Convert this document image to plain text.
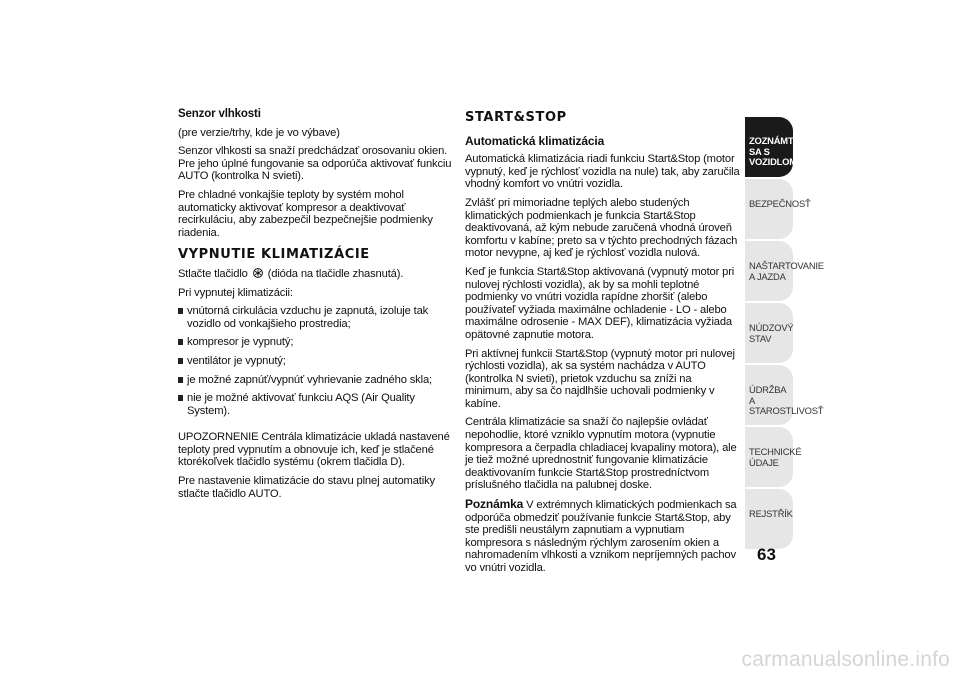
Senzor vlhkosti

(pre verzie/trhy, kde je vo výbave)

Senzor vlhkosti sa snaží predchádzať orosovaniu okien. Pre jeho úplné fungovanie sa odporúča aktivovať funkciu AUTO (kontrolka N svieti).

Pre chladné vonkajšie teploty by systém mohol automaticky aktivovať kompresor a deaktivovať recirkuláciu, aby zabezpečil bezpečnejšie podmienky riadenia.

VYPNUTIE KLIMATIZÁCIE

Stlačte tlačidlo (dióda na tlačidle zhasnutá).

Pri vypnutej klimatizácii:

vnútorná cirkulácia vzduchu je zapnutá, izoluje tak vozidlo od vonkajšieho prostredia;
kompresor je vypnutý;
ventilátor je vypnutý;
je možné zapnúť/vypnúť vyhrievanie zadného skla;
nie je možné aktivovať funkciu AQS (Air Quality System).

UPOZORNENIE Centrála klimatizácie ukladá nastavené teploty pred vypnutím a obnovuje ich, keď je stlačené ktorékoľvek tlačidlo systému (okrem tlačidla D).

Pre nastavenie klimatizácie do stavu plnej automatiky stlačte tlačidlo AUTO.

START&STOP
Automatická klimatizácia

Automatická klimatizácia riadi funkciu Start&Stop (motor vypnutý, keď je rýchlosť vozidla na nule) tak, aby zaručila vhodný komfort vo vnútri vozidla.

Zvlášť pri mimoriadne teplých alebo studených klimatických podmienkach je funkcia Start&Stop deaktivovaná, až kým nebude zaručená vhodná úroveň komfortu v kabíne; preto sa v týchto prechodných fázach motor nevypne, aj keď je rýchlosť vozidla nulová.

Keď je funkcia Start&Stop aktivovaná (vypnutý motor pri nulovej rýchlosti vozidla), ak by sa mohli teplotné podmienky vo vnútri vozidla rapídne zhoršiť (alebo používateľ vyžiada maximálne ochladenie - LO - alebo maximálne odrosenie - MAX DEF), klimatizácia vyžiada opätovné zapnutie motora.

Pri aktívnej funkcii Start&Stop (vypnutý motor pri nulovej rýchlosti vozidla), ak sa systém nachádza v AUTO (kontrolka N svieti), prietok vzduchu sa zníži na minimum, aby sa čo najdlhšie uchovali podmienky v kabíne.

Centrála klimatizácie sa snaží čo najlepšie ovládať nepohodlie, ktoré vzniklo vypnutím motora (vypnutie kompresora a čerpadla chladiacej kvapaliny motora), ale je tiež možné uprednostniť fungovanie klimatizácie deaktivovaním funkcie Start&Stop prostredníctvom príslušného tlačidla na palubnej doske.

Poznámka V extrémnych klimatických podmienkach sa odporúča obmedziť používanie funkcie Start&Stop, aby ste predišli neustálym zapnutiam a vypnutiam kompresora s následným rýchlym zarosením okien a nahromadením vlhkosti a vznikom nepríjemných pachov vo vnútri vozidla.

ZOZNÁMTE SA S VOZIDLOM
BEZPEČNOSŤ
NAŠTARTOVANIE A JAZDA
NÚDZOVÝ STAV
ÚDRŽBA A STAROSTLIVOSŤ
TECHNICKÉ ÚDAJE
REJSTŘÍK
63
carmanualsonline.info
